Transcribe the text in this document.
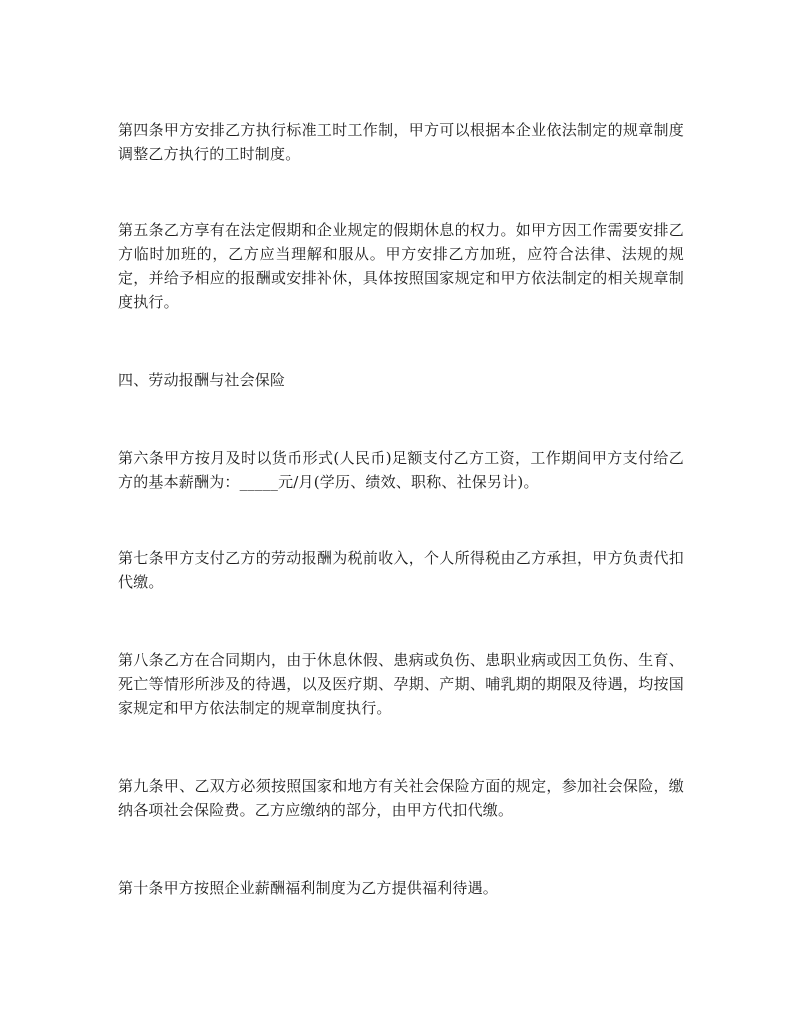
第四条甲方安排乙方执行标准工时工作制，甲方可以根据本企业依法制定的规章制度调整乙方执行的工时制度。

第五条乙方享有在法定假期和企业规定的假期休息的权力。如甲方因工作需要安排乙方临时加班的，乙方应当理解和服从。甲方安排乙方加班，应符合法律、法规的规定，并给予相应的报酬或安排补休，具体按照国家规定和甲方依法制定的相关规章制度执行。

四、劳动报酬与社会保险

第六条甲方按月及时以货币形式(人民币)足额支付乙方工资，工作期间甲方支付给乙方的基本薪酬为：_____元/月(学历、绩效、职称、社保另计)。

第七条甲方支付乙方的劳动报酬为税前收入，个人所得税由乙方承担，甲方负责代扣代缴。

第八条乙方在合同期内，由于休息休假、患病或负伤、患职业病或因工负伤、生育、死亡等情形所涉及的待遇，以及医疗期、孕期、产期、哺乳期的期限及待遇，均按国家规定和甲方依法制定的规章制度执行。

第九条甲、乙双方必须按照国家和地方有关社会保险方面的规定，参加社会保险，缴纳各项社会保险费。乙方应缴纳的部分，由甲方代扣代缴。

第十条甲方按照企业薪酬福利制度为乙方提供福利待遇。
